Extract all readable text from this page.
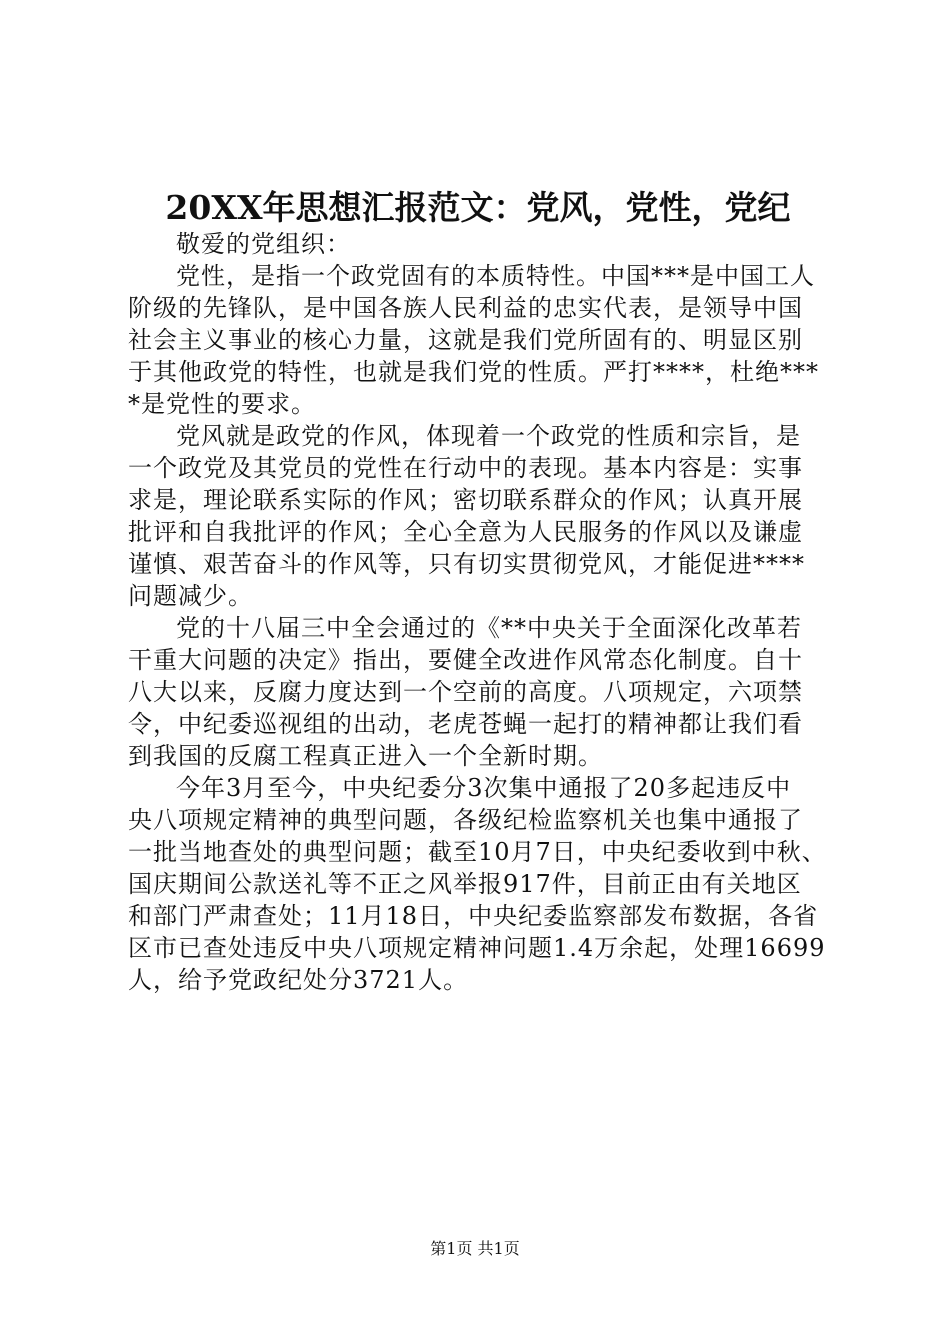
20XX年思想汇报范文：党风，党性，党纪
敬爱的党组织：
党性，是指一个政党固有的本质特性。中国***是中国工人
阶级的先锋队，是中国各族人民利益的忠实代表，是领导中国
社会主义事业的核心力量，这就是我们党所固有的、明显区别
于其他政党的特性，也就是我们党的性质。严打****，杜绝***
*是党性的要求。
党风就是政党的作风，体现着一个政党的性质和宗旨，是
一个政党及其党员的党性在行动中的表现。基本内容是：实事
求是，理论联系实际的作风；密切联系群众的作风；认真开展
批评和自我批评的作风；全心全意为人民服务的作风以及谦虚
谨慎、艰苦奋斗的作风等，只有切实贯彻党风，才能促进****
问题减少。
党的十八届三中全会通过的《**中央关于全面深化改革若
干重大问题的决定》指出，要健全改进作风常态化制度。自十
八大以来，反腐力度达到一个空前的高度。八项规定，六项禁
令，中纪委巡视组的出动，老虎苍蝇一起打的精神都让我们看
到我国的反腐工程真正进入一个全新时期。
今年3月至今，中央纪委分3次集中通报了20多起违反中
央八项规定精神的典型问题，各级纪检监察机关也集中通报了
一批当地查处的典型问题；截至10月7日，中央纪委收到中秋、
国庆期间公款送礼等不正之风举报917件，目前正由有关地区
和部门严肃查处；11月18日，中央纪委监察部发布数据，各省
区市已查处违反中央八项规定精神问题1.4万余起，处理16699
人，给予党政纪处分3721人。
第1页 共1页
